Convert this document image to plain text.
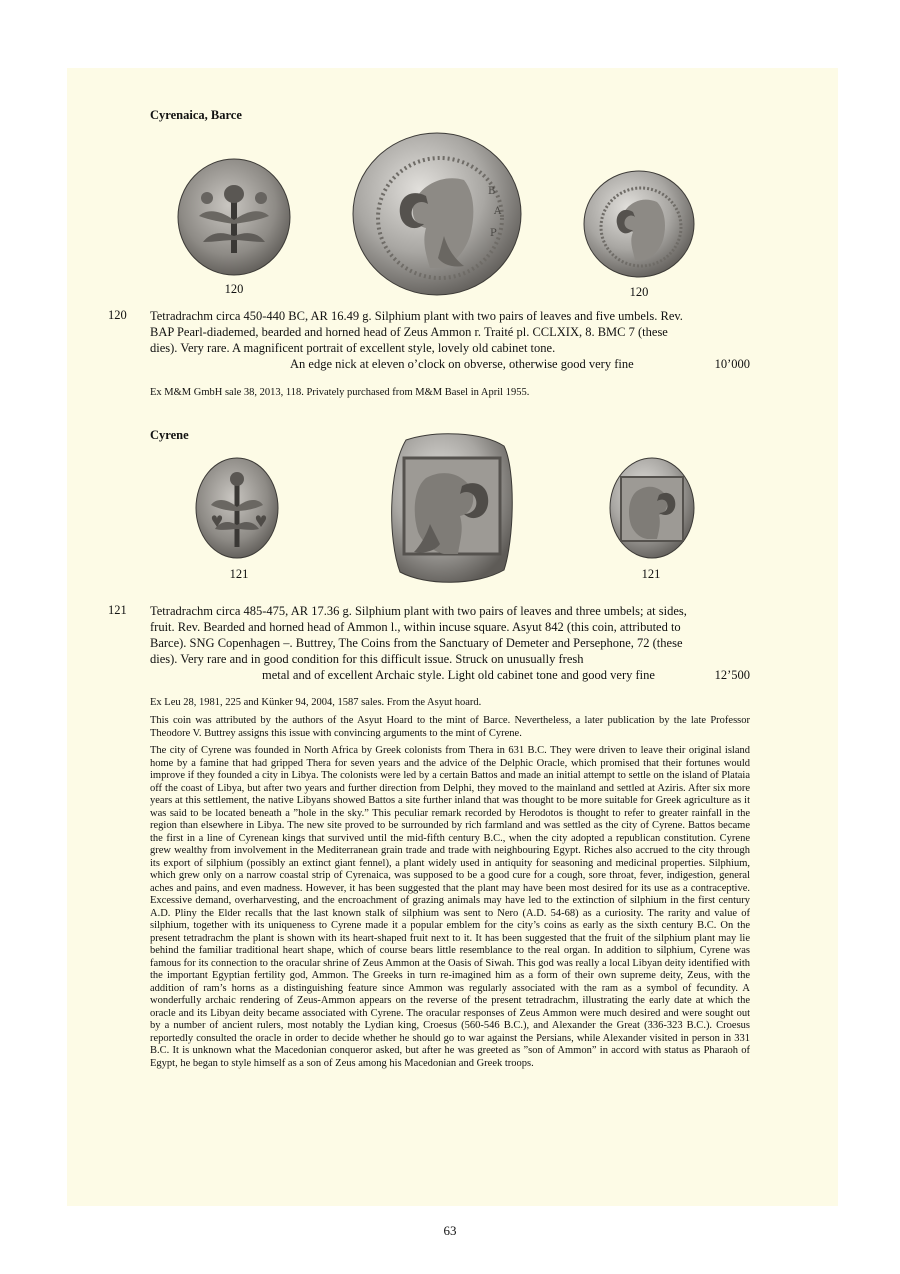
Cyrenaica, Barce
B
A
P
120	120
120 Tetradrachm circa 450-440 BC, AR 16.49 g. Silphium plant with two pairs of leaves and five umbels. Rev.

BAP Pearl-diademed, bearded and horned head of Zeus Ammon r. Traité pl. CCLXIX, 8. BMC 7 (these

dies). Very rare. A magnificent portrait of excellent style, lovely old cabinet tone.

An edge nick at eleven o’clock on obverse, otherwise good very fine	10’000

Ex M&M GmbH sale 38, 2013, 118. Privately purchased from M&M Basel in April 1955.
Cyrene
121	121
121 Tetradrachm circa 485-475, AR 17.36 g. Silphium plant with two pairs of leaves and three umbels; at sides,

fruit. Rev. Bearded and horned head of Ammon l., within incuse square. Asyut 842 (this coin, attributed to

Barce). SNG Copenhagen –. Buttrey, The Coins from the Sanctuary of Demeter and Persephone, 72 (these

dies). Very rare and in good condition for this difficult issue. Struck on unusually fresh

metal and of excellent Archaic style. Light old cabinet tone and good very fine	12’500

Ex Leu 28, 1981, 225 and Künker 94, 2004, 1587 sales. From the Asyut hoard.
This coin was attributed by the authors of the Asyut Hoard to the mint of Barce. Nevertheless, a later publication by the late Professor Theodore V. Buttrey assigns this issue with convincing arguments to the mint of Cyrene.
The city of Cyrene was founded in North Africa by Greek colonists from Thera in 631 B.C. They were driven to leave their original island home by a famine that had gripped Thera for seven years and the advice of the Delphic Oracle, which promised that their fortunes would improve if they founded a city in Libya. The colonists were led by a certain Battos and made an initial attempt to settle on the island of Plataia off the coast of Libya, but after two years and further direction from Delphi, they moved to the mainland and settled at Aziris. After six more years at this settlement, the native Libyans showed Battos a site further inland that was thought to be more suitable for Greek agriculture as it was said to be located beneath a ”hole in the sky.” This peculiar remark recorded by Herodotos is thought to refer to greater rainfall in the region than elsewhere in Libya. The new site proved to be surrounded by rich farmland and was settled as the city of Cyrene. Battos became the first in a line of Cyrenean kings that survived until the mid-fifth century B.C., when the city adopted a republican constitution. Cyrene grew wealthy from involvement in the Mediterranean grain trade and trade with neighbouring Egypt. Riches also accrued to the city through its export of silphium (possibly an extinct giant fennel), a plant widely used in antiquity for seasoning and medicinal properties. Silphium, which grew only on a narrow coastal strip of Cyrenaica, was supposed to be a good cure for a cough, sore throat, fever, indigestion, general aches and pains, and even madness. However, it has been suggested that the plant may have been most desired for its use as a contraceptive. Excessive demand, overharvesting, and the encroachment of grazing animals may have led to the extinction of silphium in the first century A.D. Pliny the Elder recalls that the last known stalk of silphium was sent to Nero (A.D. 54-68) as a curiosity. The rarity and value of silphium, together with its uniqueness to Cyrene made it a popular emblem for the city’s coins as early as the sixth century B.C. On the present tetradrachm the plant is shown with its heart-shaped fruit next to it. It has been suggested that the fruit of the silphium plant may lie behind the familiar traditional heart shape, which of course bears little resemblance to the real organ. In addition to silphium, Cyrene was famous for its connection to the oracular shrine of Zeus Ammon at the Oasis of Siwah. This god was really a local Libyan deity identified with the important Egyptian fertility god, Ammon. The Greeks in turn re-imagined him as a form of their own supreme deity, Zeus, with the addition of ram’s horns as a distinguishing feature since Ammon was regularly associated with the ram as a symbol of fecundity. A wonderfully archaic rendering of Zeus-Ammon appears on the reverse of the present tetradrachm, illustrating the early date at which the oracle and its Libyan deity became associated with Cyrene. The oracular responses of Zeus Ammon were much desired and were sought out by a number of ancient rulers, most notably the Lydian king, Croesus (560-546 B.C.), and Alexander the Great (336-323 B.C.). Croesus reportedly consulted the oracle in order to decide whether he should go to war against the Persians, while Alexander visited in person in 331 B.C. It is unknown what the Macedonian conqueror asked, but after he was greeted as ”son of Ammon” in accord with status as Pharaoh of Egypt, he began to style himself as a son of Zeus among his Macedonian and Greek troops.
63
